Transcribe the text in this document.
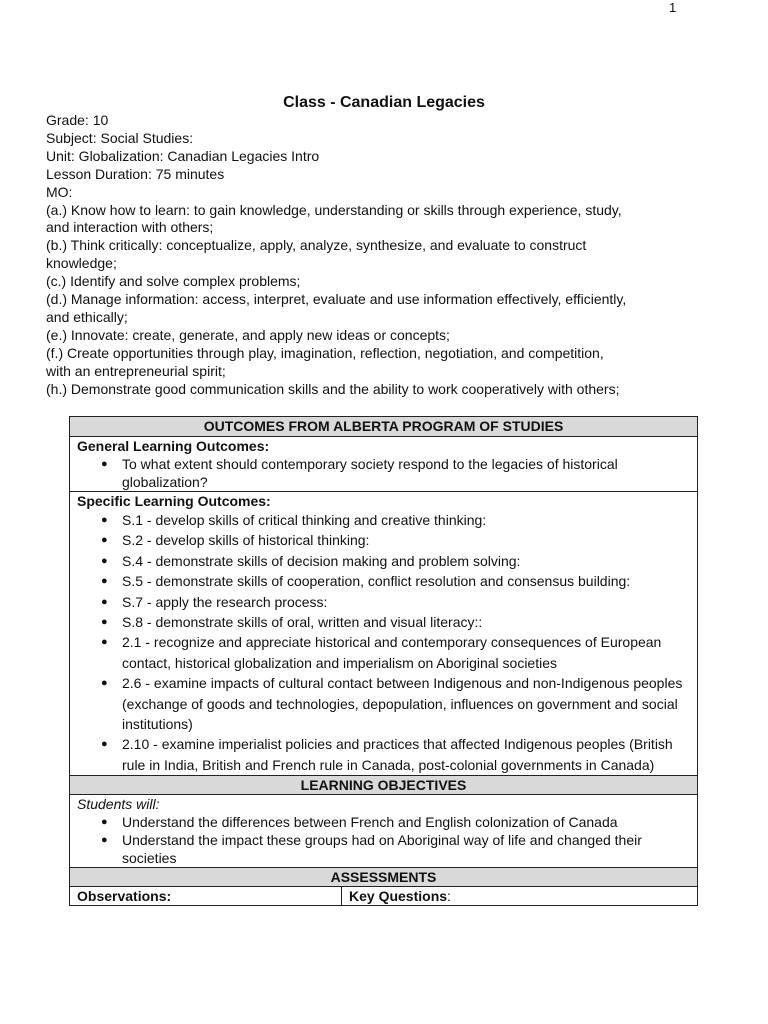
1
Class - Canadian Legacies
Grade: 10
Subject: Social Studies:
Unit: Globalization: Canadian Legacies Intro
Lesson Duration: 75 minutes
MO:
(a.) Know how to learn: to gain knowledge, understanding or skills through experience, study,
and interaction with others;
(b.) Think critically: conceptualize, apply, analyze, synthesize, and evaluate to construct
knowledge;
(c.) Identify and solve complex problems;
(d.) Manage information: access, interpret, evaluate and use information effectively, efficiently,
and ethically;
(e.) Innovate: create, generate, and apply new ideas or concepts;
(f.) Create opportunities through play, imagination, reflection, negotiation, and competition,
with an entrepreneurial spirit;
(h.) Demonstrate good communication skills and the ability to work cooperatively with others;
OUTCOMES FROM ALBERTA PROGRAM OF STUDIES
General Learning Outcomes:
● To what extent should contemporary society respond to the legacies of historical globalization?
Specific Learning Outcomes:
● S.1 - develop skills of critical thinking and creative thinking:
● S.2 - develop skills of historical thinking:
● S.4 - demonstrate skills of decision making and problem solving:
● S.5 - demonstrate skills of cooperation, conflict resolution and consensus building:
● S.7 - apply the research process:
● S.8 - demonstrate skills of oral, written and visual literacy::
● 2.1 - recognize and appreciate historical and contemporary consequences of European contact, historical globalization and imperialism on Aboriginal societies
● 2.6 - examine impacts of cultural contact between Indigenous and non-Indigenous peoples (exchange of goods and technologies, depopulation, influences on government and social institutions)
● 2.10 - examine imperialist policies and practices that affected Indigenous peoples (British rule in India, British and French rule in Canada, post-colonial governments in Canada)
LEARNING OBJECTIVES
Students will:
● Understand the differences between French and English colonization of Canada
● Understand the impact these groups had on Aboriginal way of life and changed their societies
ASSESSMENTS
Observations:	Key Questions:
